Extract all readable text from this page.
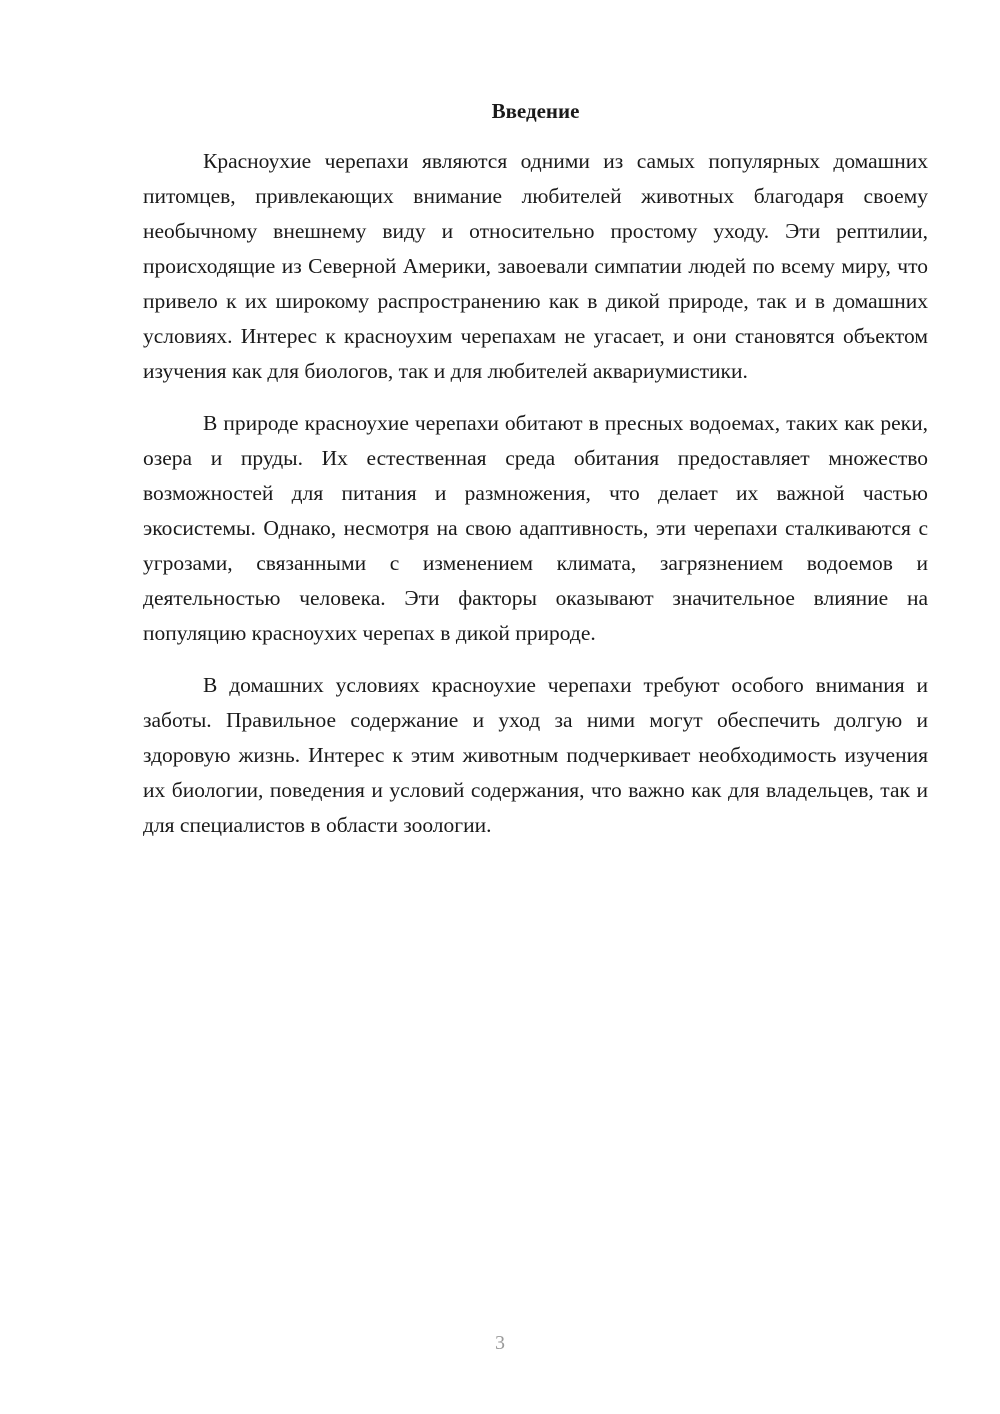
Введение

Красноухие черепахи являются одними из самых популярных домашних питомцев, привлекающих внимание любителей животных благодаря своему необычному внешнему виду и относительно простому уходу. Эти рептилии, происходящие из Северной Америки, завоевали симпатии людей по всему миру, что привело к их широкому распространению как в дикой природе, так и в домашних условиях. Интерес к красноухим черепахам не угасает, и они становятся объектом изучения как для биологов, так и для любителей аквариумистики.

В природе красноухие черепахи обитают в пресных водоемах, таких как реки, озера и пруды. Их естественная среда обитания предоставляет множество возможностей для питания и размножения, что делает их важной частью экосистемы. Однако, несмотря на свою адаптивность, эти черепахи сталкиваются с угрозами, связанными с изменением климата, загрязнением водоемов и деятельностью человека. Эти факторы оказывают значительное влияние на популяцию красноухих черепах в дикой природе.

В домашних условиях красноухие черепахи требуют особого внимания и заботы. Правильное содержание и уход за ними могут обеспечить долгую и здоровую жизнь. Интерес к этим животным подчеркивает необходимость изучения их биологии, поведения и условий содержания, что важно как для владельцев, так и для специалистов в области зоологии.

3
